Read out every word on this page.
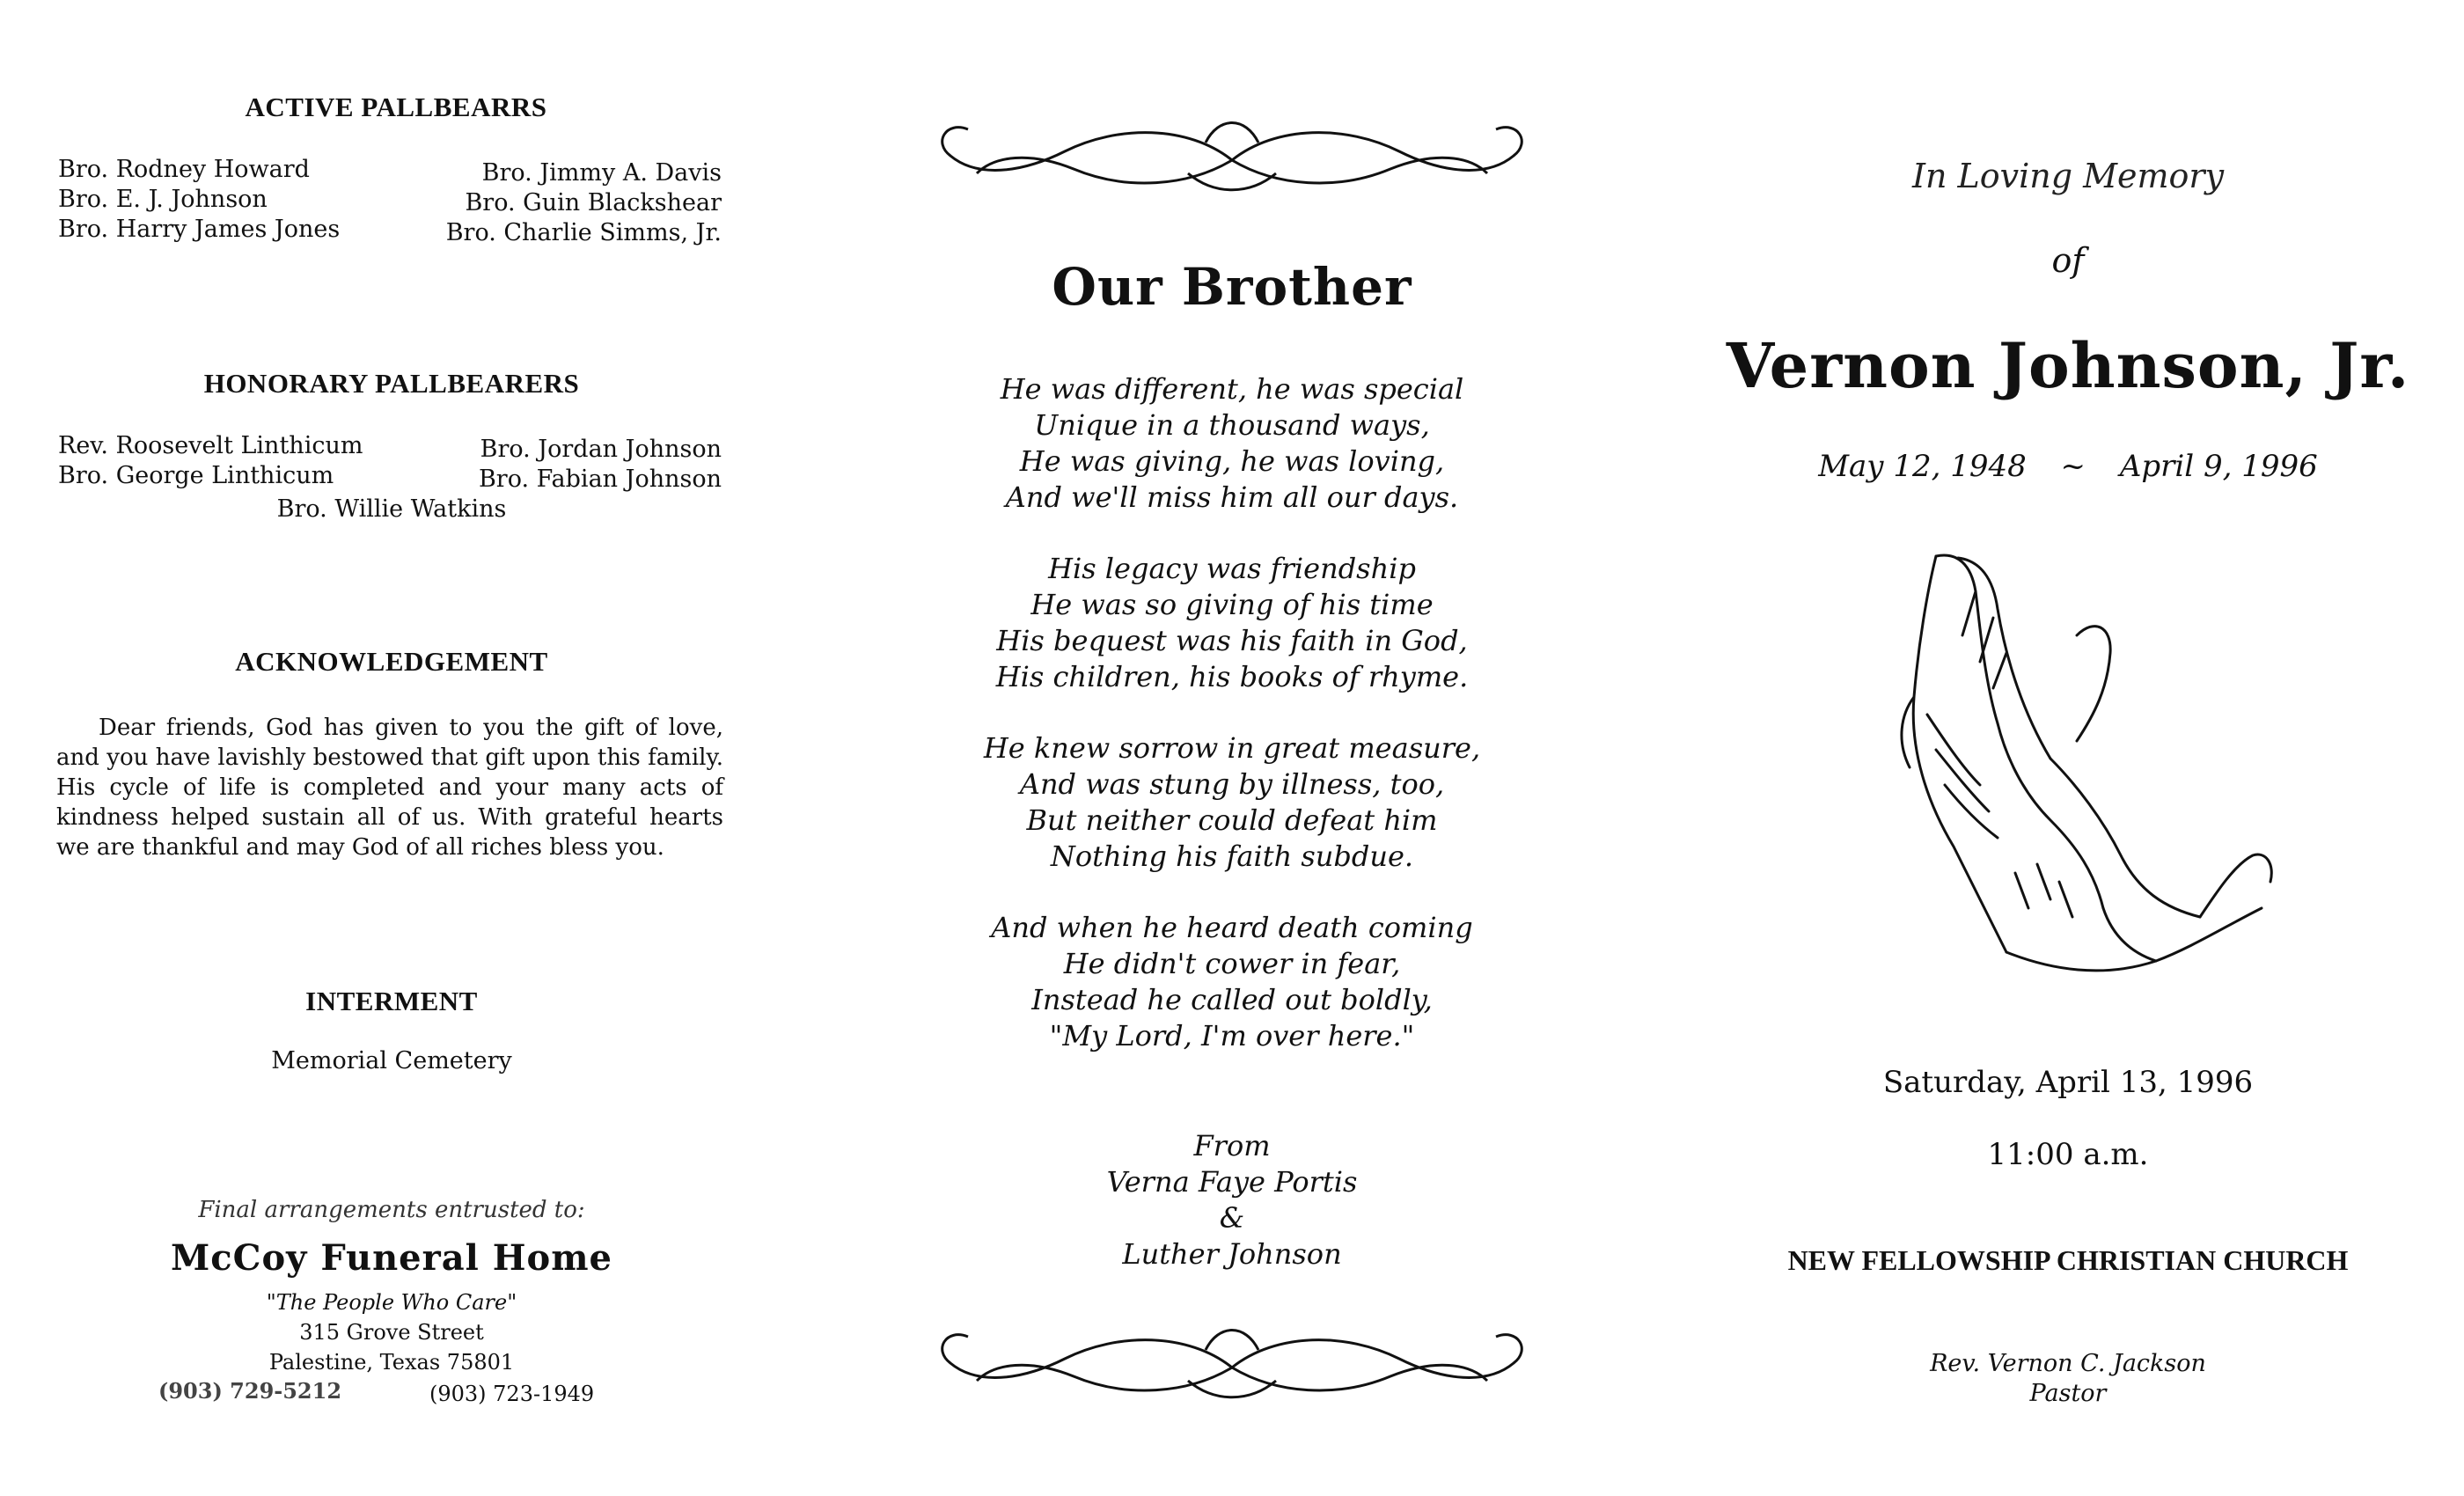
ACTIVE PALLBEARRS
Bro. Rodney Howard
Bro. E. J. Johnson
Bro. Harry James Jones
Bro. Jimmy A. Davis
Bro. Guin Blackshear
Bro. Charlie Simms, Jr.
HONORARY PALLBEARERS
Rev. Roosevelt Linthicum
Bro. George Linthicum
Bro. Jordan Johnson
Bro. Fabian Johnson
Bro. Willie Watkins
ACKNOWLEDGEMENT
Dear friends, God has given to you the gift of love, and you have lavishly bestowed that gift upon this family. His cycle of life is completed and your many acts of kindness helped sustain all of us. With grateful hearts we are thankful and may God of all riches bless you.
INTERMENT
Memorial Cemetery
Final arrangements entrusted to:
McCoy Funeral Home
"The People Who Care"
315 Grove Street
Palestine, Texas 75801
(903) 729-5212	(903) 723-1949
Our Brother
He was different, he was special
Unique in a thousand ways,
He was giving, he was loving,
And we'll miss him all our days.
His legacy was friendship
He was so giving of his time
His bequest was his faith in God,
His children, his books of rhyme.
He knew sorrow in great measure,
And was stung by illness, too,
But neither could defeat him
Nothing his faith subdue.
And when he heard death coming
He didn't cower in fear,
Instead he called out boldly,
"My Lord, I'm over here."
From
Verna Faye Portis
&
Luther Johnson
In Loving Memory
of
Vernon Johnson, Jr.
May 12, 1948 ~ April 9, 1996
Saturday, April 13, 1996
11:00 a.m.
NEW FELLOWSHIP CHRISTIAN CHURCH
Rev. Vernon C. Jackson
Pastor
